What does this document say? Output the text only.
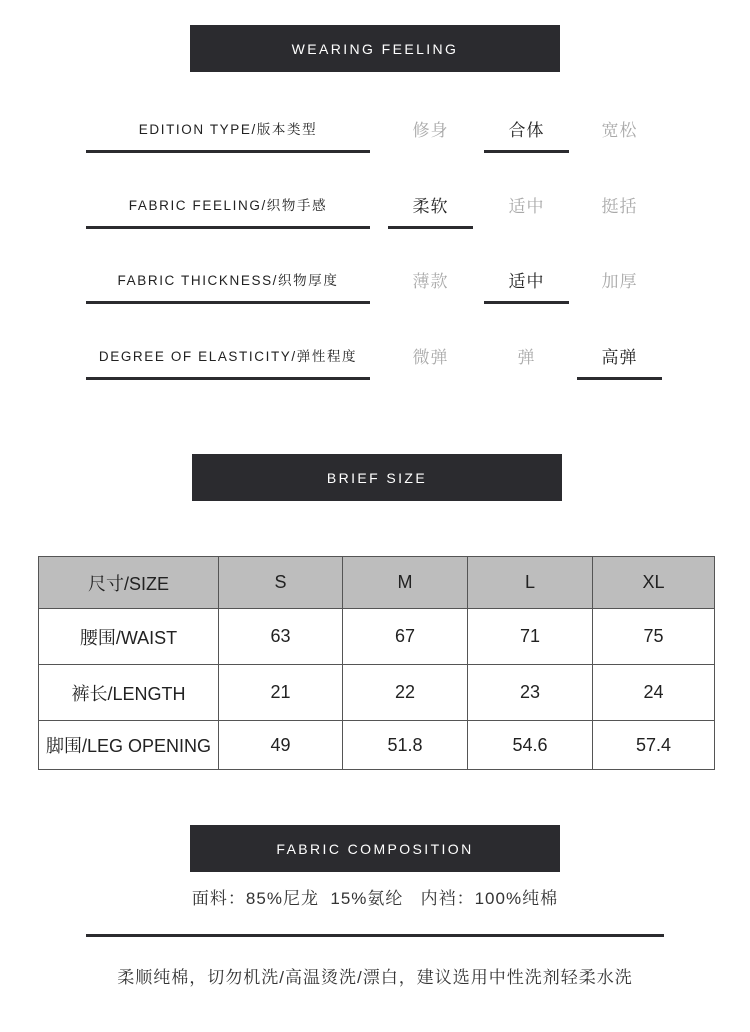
WEARING FEELING
EDITION TYPE/版本类型	修身	合体	宽松
FABRIC FEELING/织物手感	柔软	适中	挺括
FABRIC THICKNESS/织物厚度	薄款	适中	加厚
DEGREE OF ELASTICITY/弹性程度	微弹	弹	高弹
BRIEF SIZE
尺寸/SIZE	S	M	L	XL
腰围/WAIST	63	67	71	75
裤长/LENGTH	21	22	23	24
脚围/LEG OPENING	49	51.8	54.6	57.4
FABRIC COMPOSITION
面料：85%尼龙  15%氨纶   内裆：100%纯棉
柔顺纯棉，切勿机洗/高温烫洗/漂白，建议选用中性洗剂轻柔水洗
